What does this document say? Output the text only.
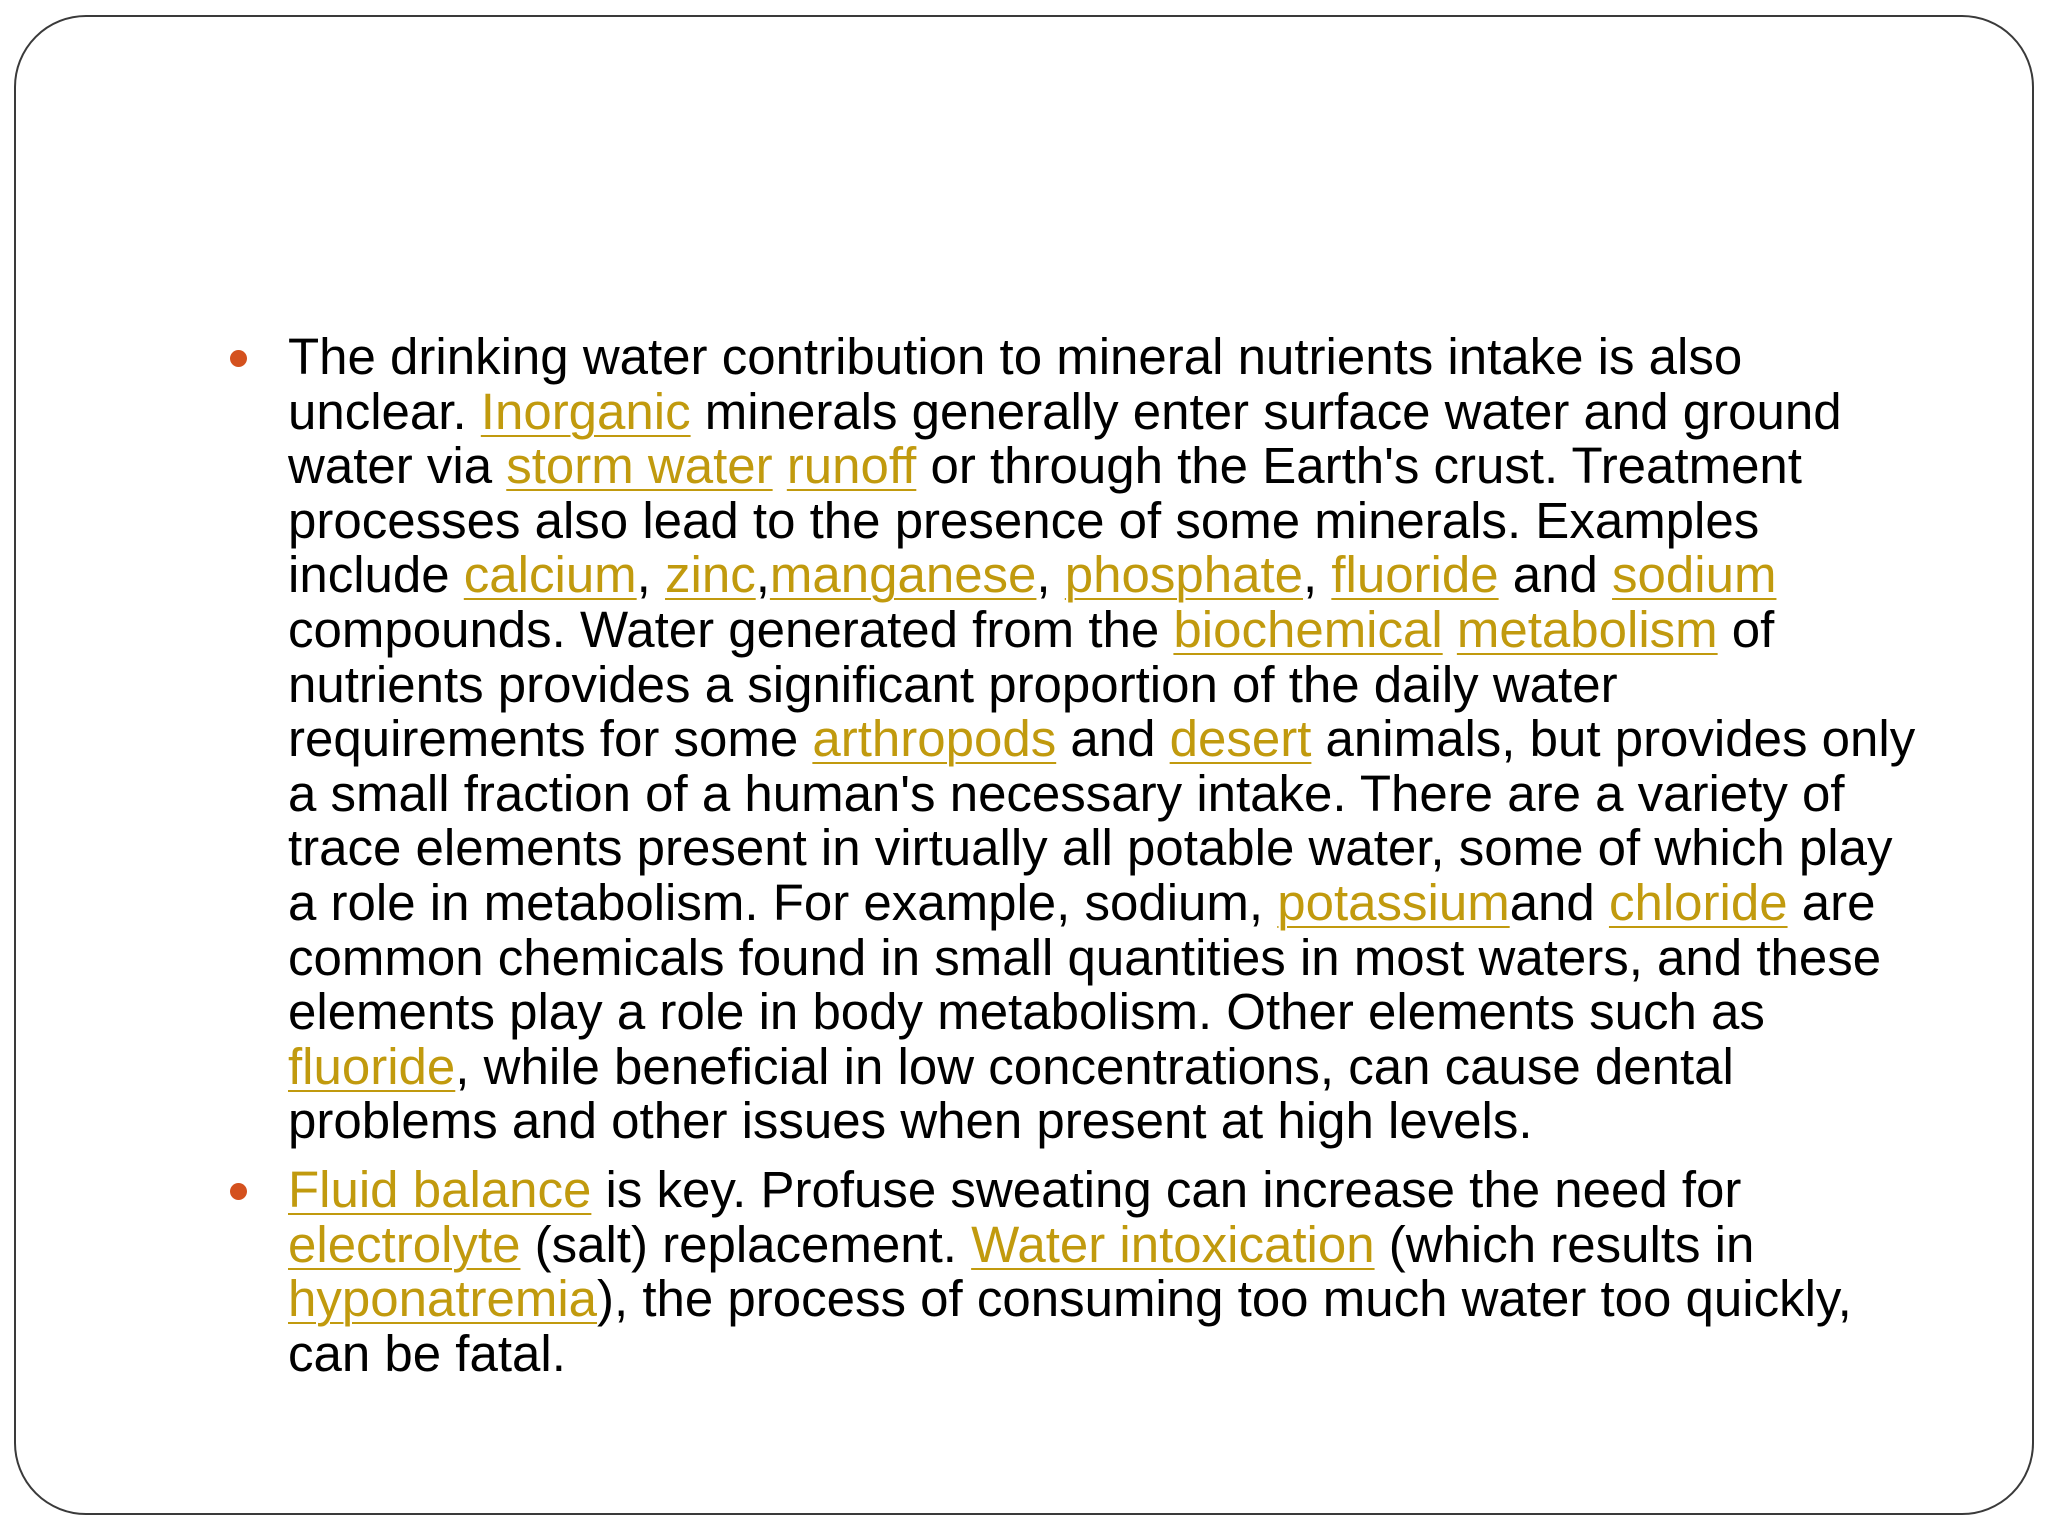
The drinking water contribution to mineral nutrients intake is also unclear. Inorganic minerals generally enter surface water and ground water via storm water runoff or through the Earth's crust. Treatment processes also lead to the presence of some minerals. Examples include calcium, zinc,manganese, phosphate, fluoride and sodium compounds. Water generated from the biochemical metabolism of nutrients provides a significant proportion of the daily water requirements for some arthropods and desert animals, but provides only a small fraction of a human's necessary intake. There are a variety of trace elements present in virtually all potable water, some of which play a role in metabolism. For example, sodium, potassiumand chloride are common chemicals found in small quantities in most waters, and these elements play a role in body metabolism. Other elements such as fluoride, while beneficial in low concentrations, can cause dental problems and other issues when present at high levels.
Fluid balance is key. Profuse sweating can increase the need for electrolyte (salt) replacement. Water intoxication (which results in hyponatremia), the process of consuming too much water too quickly, can be fatal.
